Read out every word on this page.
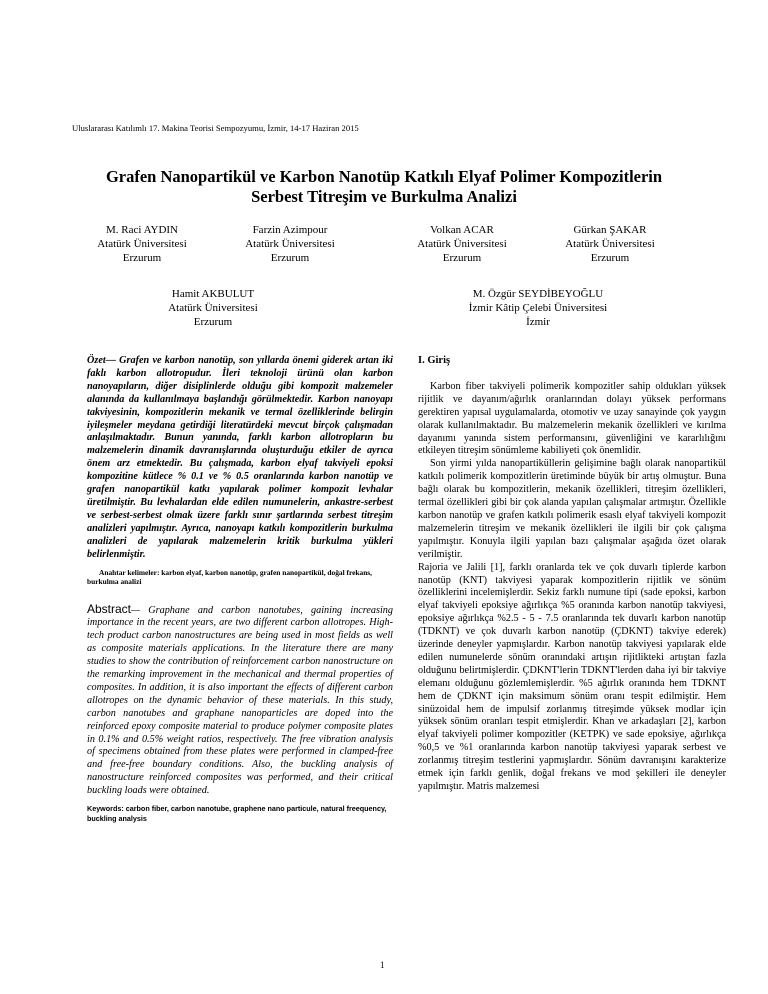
Uluslararası Katılımlı 17. Makina Teorisi Sempozyumu, İzmir, 14-17 Haziran 2015
Grafen Nanopartikül ve Karbon Nanotüp Katkılı Elyaf Polimer Kompozitlerin
Serbest Titreşim ve Burkulma Analizi
M. Raci AYDIN
Atatürk Üniversitesi
Erzurum
Farzin Azimpour
Atatürk Üniversitesi
Erzurum
Volkan ACAR
Atatürk Üniversitesi
Erzurum
Gürkan ŞAKAR
Atatürk Üniversitesi
Erzurum
Hamit AKBULUT
Atatürk Üniversitesi
Erzurum
M. Özgür SEYDİBEYOĞLU
İzmir Kâtip Çelebi Üniversitesi
İzmir

Özet— Grafen ve karbon nanotüp, son yıllarda önemi giderek artan iki faklı karbon allotropudur. İleri teknoloji ürünü olan karbon nanoyapıların, diğer disiplinlerde olduğu gibi kompozit malzemeler alanında da kullanılmaya başlandığı görülmektedir. Karbon nanoyapı takviyesinin, kompozitlerin mekanik ve termal özelliklerinde belirgin iyileşmeler meydana getirdiği literatürdeki mevcut birçok çalışmadan anlaşılmaktadır. Bunun yanında, farklı karbon allotropların bu malzemelerin dinamik davranışlarında oluşturduğu etkiler de ayrıca önem arz etmektedir. Bu çalışmada, karbon elyaf takviyeli epoksi kompozitine kütlece % 0.1 ve % 0.5 oranlarında karbon nanotüp ve grafen nanopartikül katkı yapılarak polimer kompozit levhalar üretilmiştir. Bu levhalardan elde edilen numunelerin, ankastre-serbest ve serbest-serbest olmak üzere farklı sınır şartlarında serbest titreşim analizleri yapılmıştır. Ayrıca, nanoyapı katkılı kompozitlerin burkulma analizleri de yapılarak malzemelerin kritik burkulma yükleri belirlenmiştir.

Anahtar kelimeler: karbon elyaf, karbon nanotüp, grafen nanopartikül, doğal frekans, burkulma analizi
Abstract— Graphane and carbon nanotubes, gaining increasing importance in the recent years, are two different carbon allotropes. High-tech product carbon nanostructures are being used in most fields as well as composite materials applications. In the literature there are many studies to show the contribution of reinforcement carbon nanostructure on the remarking improvement in the mechanical and thermal properties of composites. In addition, it is also important the effects of different carbon allotropes on the dynamic behavior of these materials. In this study, carbon nanotubes and graphane nanoparticles are doped into the reinforced epoxy composite material to produce polymer composite plates in 0.1% and 0.5% weight ratios, respectively. The free vibration analysis of specimens obtained from these plates were performed in clamped-free and free-free boundary conditions. Also, the buckling analysis of nanostructure reinforced composites was performed, and their critical buckling loads were obtained.
Keywords: carbon fiber, carbon nanotube, graphene nano particule, natural freequency, buckling analysis
I. Giriş

Karbon fiber takviyeli polimerik kompozitler sahip oldukları yüksek rijitlik ve dayanım/ağırlık oranlarından dolayı yüksek performans gerektiren yapısal uygulamalarda, otomotiv ve uzay sanayinde çok yaygın olarak kullanılmaktadır. Bu malzemelerin mekanik özellikleri ve kırılma dayanımı yanında sistem performansını, güvenliğini ve kararlılığını etkileyen titreşim sönümleme kabiliyeti çok önemlidir.

Son yirmi yılda nanopartiküllerin gelişimine bağlı olarak nanopartikül katkılı polimerik kompozitlerin üretiminde büyük bir artış olmuştur. Buna bağlı olarak bu kompozitlerin, mekanik özellikleri, titreşim özellikleri, termal özellikleri gibi bir çok alanda yapılan çalışmalar artmıştır. Özellikle karbon nanotüp ve grafen katkılı polimerik esaslı elyaf takviyeli kompozit malzemelerin titreşim ve mekanik özellikleri ile ilgili bir çok çalışma yapılmıştır. Konuyla ilgili yapılan bazı çalışmalar aşağıda özet olarak verilmiştir.

Rajoria ve Jalili [1], farklı oranlarda tek ve çok duvarlı tiplerde karbon nanotüp (KNT) takviyesi yaparak kompozitlerin rijitlik ve sönüm özelliklerini incelemişlerdir. Sekiz farklı numune tipi (sade epoksi, karbon elyaf takviyeli epoksiye ağırlıkça %5 oranında karbon nanotüp takviyesi, epoksiye ağırlıkça %2.5 - 5 - 7.5 oranlarında tek duvarlı karbon nanotüp (TDKNT) ve çok duvarlı karbon nanotüp (ÇDKNT) takviye ederek) üzerinde deneyler yapmışlardır. Karbon nanotüp takviyesi yapılarak elde edilen numunelerde sönüm oranındaki artışın rijitlikteki artıştan fazla olduğunu belirtmişlerdir. ÇDKNT'lerin TDKNT'lerden daha iyi bir takviye elemanı olduğunu gözlemlemişlerdir. %5 ağırlık oranında hem TDKNT hem de ÇDKNT için maksimum sönüm oranı tespit edilmiştir. Hem sinüzoidal hem de impulsif zorlanmış titreşimde yüksek modlar için yüksek sönüm oranları tespit etmişlerdir. Khan ve arkadaşları [2], karbon elyaf takviyeli polimer kompozitler (KETPK) ve sade epoksiye, ağırlıkça %0,5 ve %1 oranlarında karbon nanotüp takviyesi yaparak serbest ve zorlanmış titreşim testlerini yapmışlardır. Sönüm davranışını karakterize etmek için farklı genlik, doğal frekans ve mod şekilleri ile deneyler yapılmıştır. Matris malzemesi

1
